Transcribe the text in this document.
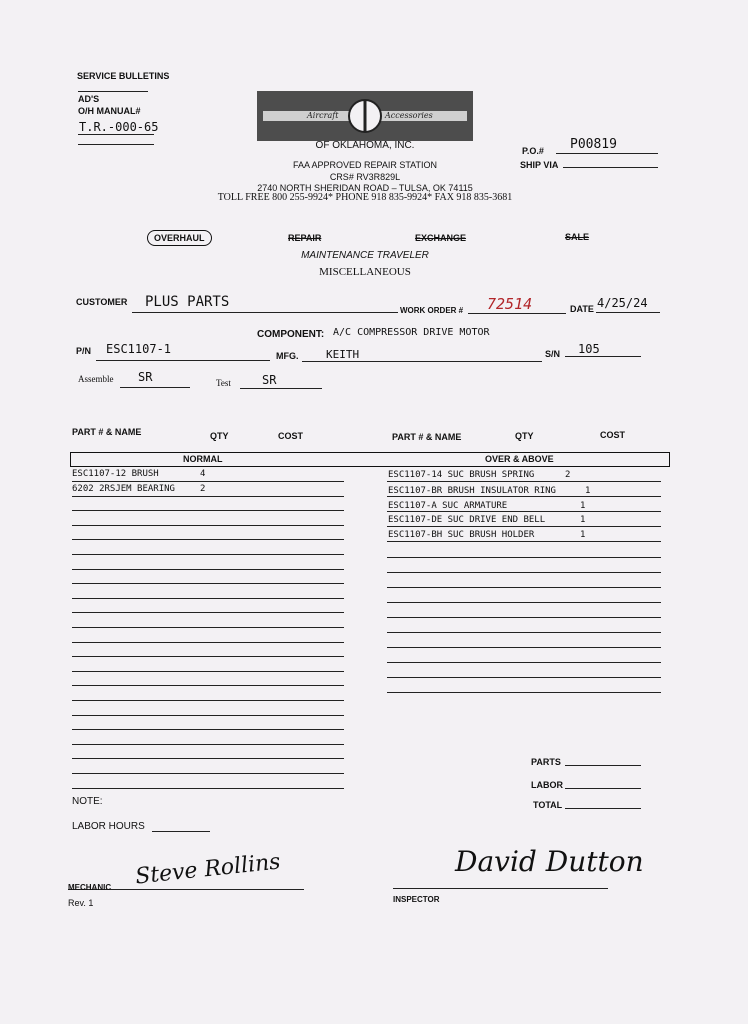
SERVICE BULLETINS
AD'S
O/H MANUAL#
T.R.-000-65
Aircraft	Accessories
OF OKLAHOMA, INC.
FAA APPROVED REPAIR STATION
CRS# RV3R829L
2740 NORTH SHERIDAN ROAD – TULSA, OK 74115
TOLL FREE 800 255-9924* PHONE 918 835-9924* FAX 918 835-3681
P.O.# P00819
SHIP VIA
OVERHAUL	REPAIR	EXCHANGE	SALE
MAINTENANCE TRAVELER
MISCELLANEOUS
CUSTOMER PLUS PARTS
WORK ORDER # 72514	DATE 4/25/24
COMPONENT: A/C COMPRESSOR DRIVE MOTOR
P/N ESC1107-1	MFG.	KEITH	S/N 105
Assemble SR	Test	SR
PART # & NAME	QTY	COST	PART # & NAME	QTY	COST
NORMAL	OVER & ABOVE
ESC1107-12 BRUSH	4
6202 2RSJEM BEARING	2
ESC1107-14 SUC BRUSH SPRING	2
ESC1107-BR BRUSH INSULATOR RING	1
ESC1107-A SUC ARMATURE	1
ESC1107-DE SUC DRIVE END BELL	1
ESC1107-BH SUC BRUSH HOLDER	1
PARTS
LABOR
TOTAL
NOTE:
LABOR HOURS
Steve Rollins
MECHANIC
Rev. 1
David Dutton
INSPECTOR
